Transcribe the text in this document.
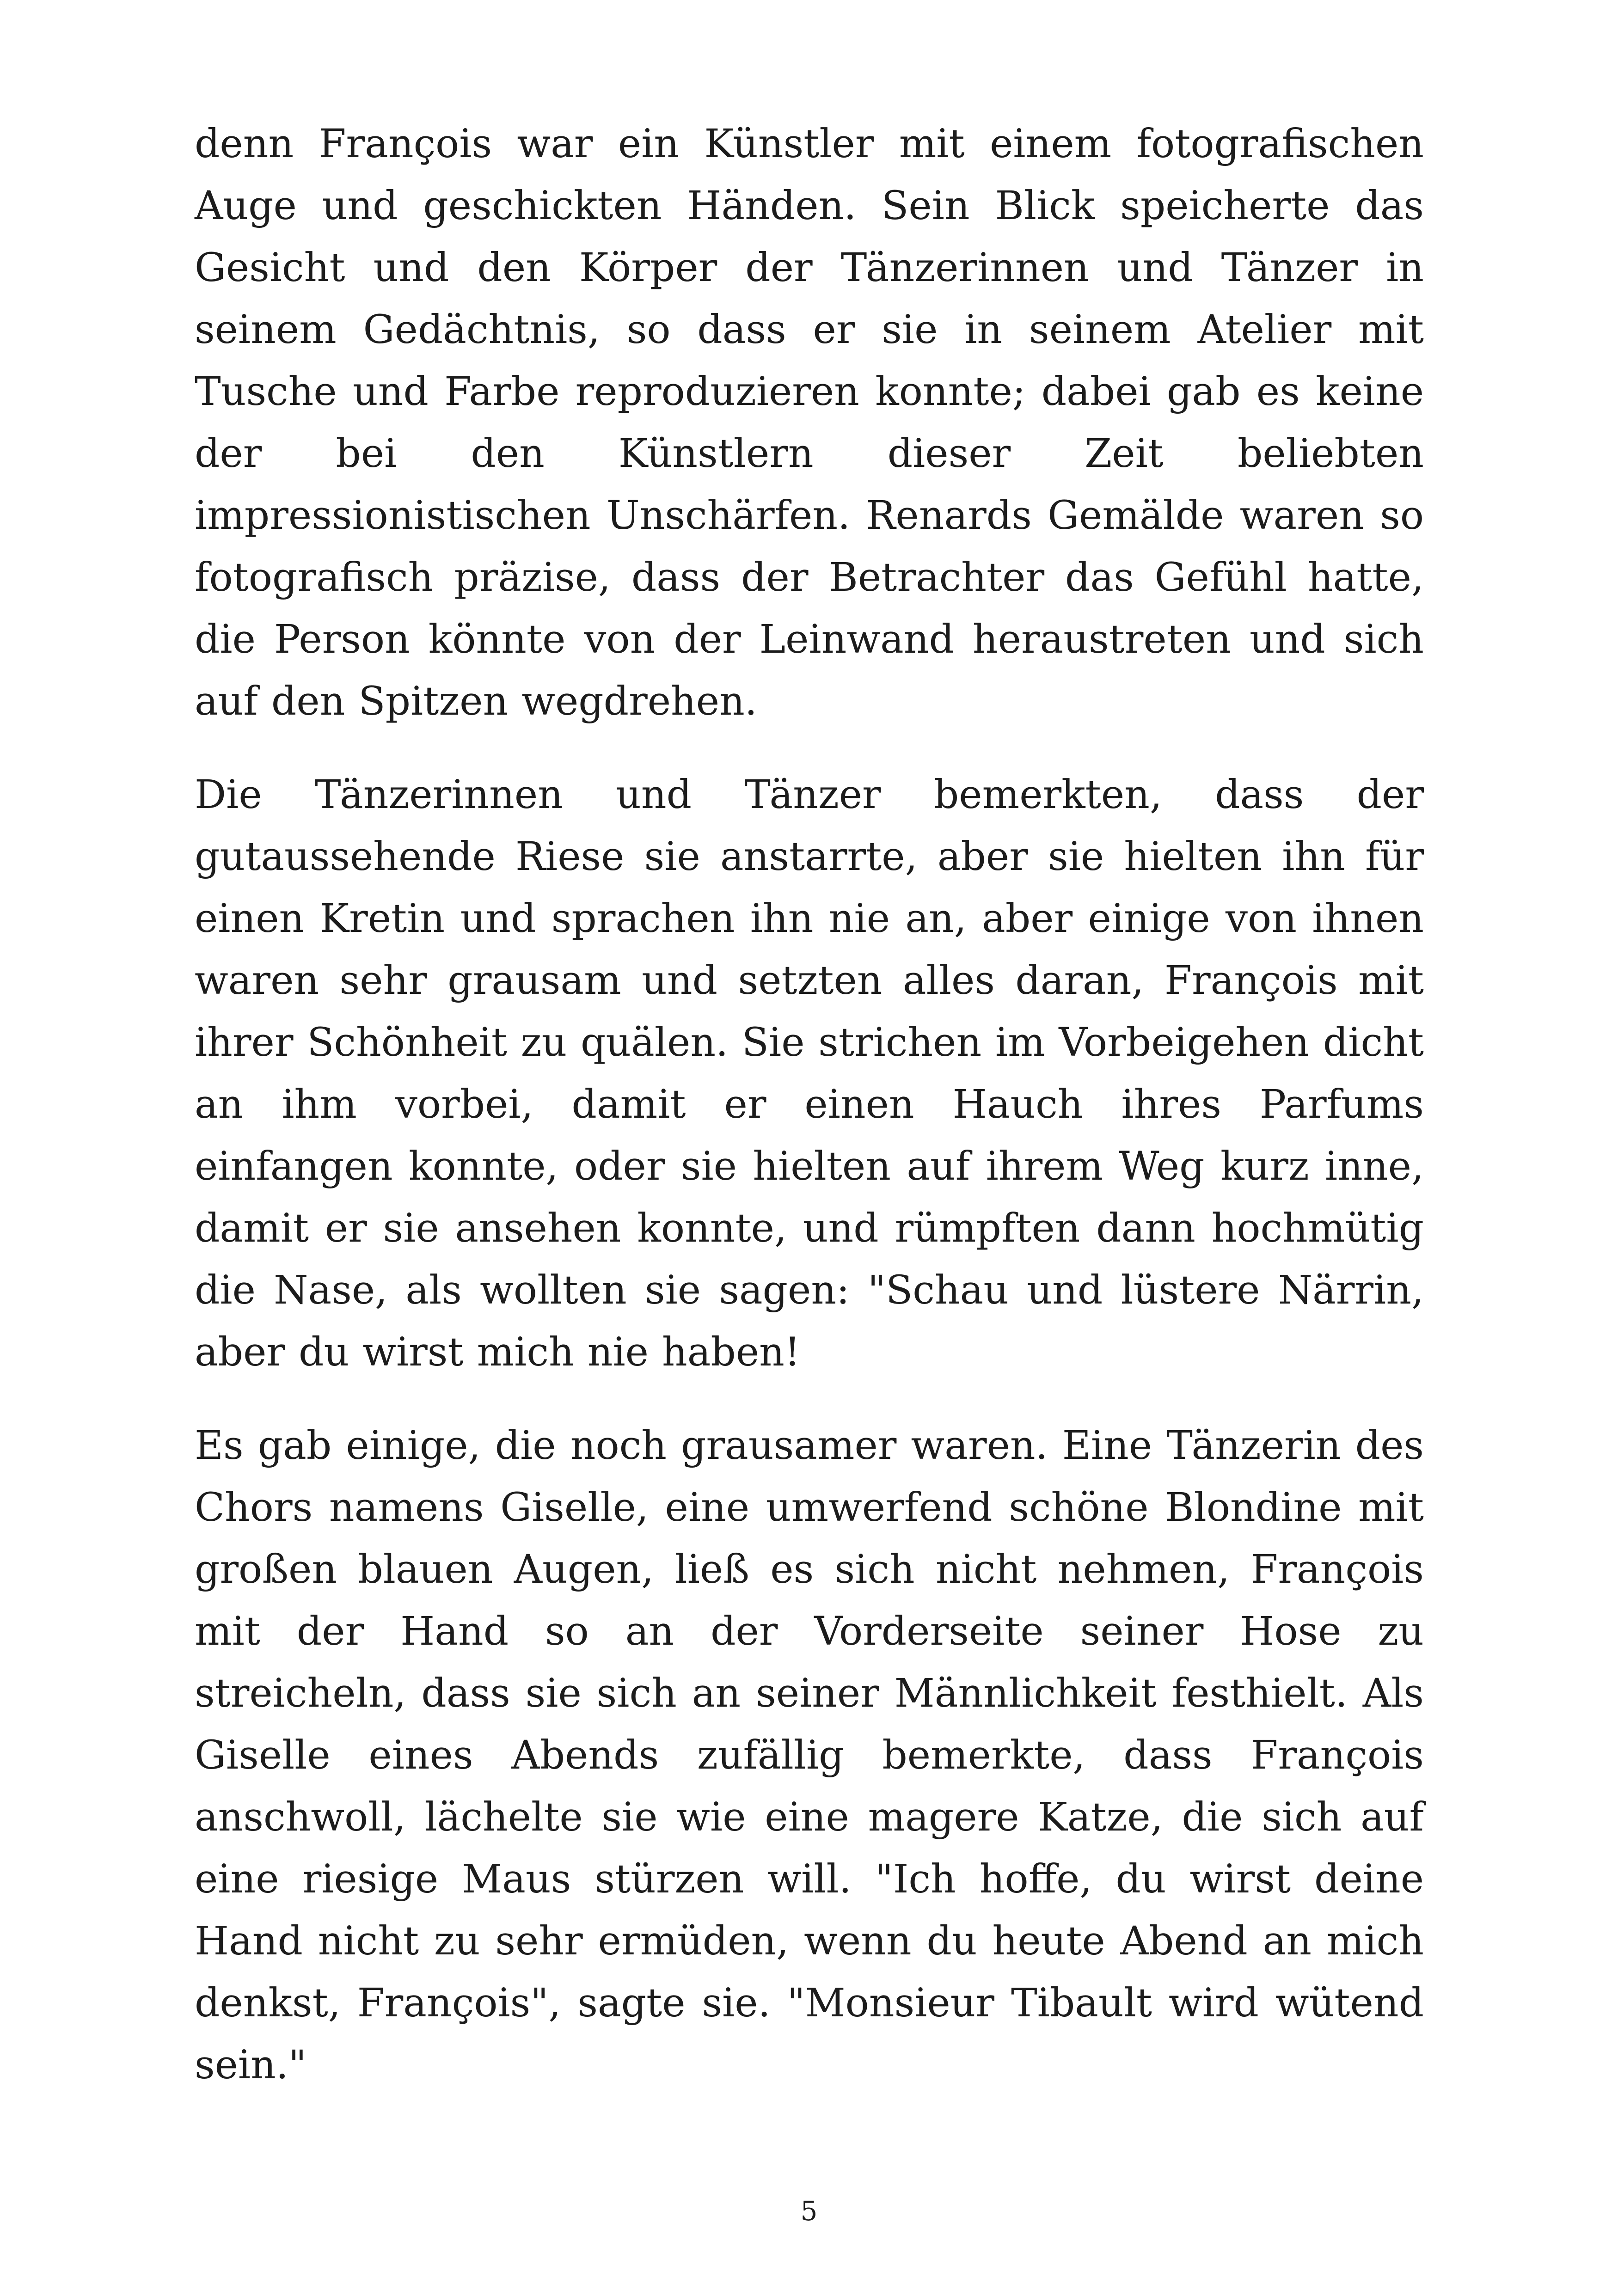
denn François war ein Künstler mit einem fotografischen Auge und geschickten Händen. Sein Blick speicherte das Gesicht und den Körper der Tänzerinnen und Tänzer in seinem Gedächtnis, so dass er sie in seinem Atelier mit Tusche und Farbe reproduzieren konnte; dabei gab es keine der bei den Künstlern dieser Zeit beliebten impressionistischen Unschärfen. Renards Gemälde waren so fotografisch präzise, dass der Betrachter das Gefühl hatte, die Person könnte von der Leinwand heraustreten und sich auf den Spitzen wegdrehen.

Die Tänzerinnen und Tänzer bemerkten, dass der gutaussehende Riese sie anstarrte, aber sie hielten ihn für einen Kretin und sprachen ihn nie an, aber einige von ihnen waren sehr grausam und setzten alles daran, François mit ihrer Schönheit zu quälen. Sie strichen im Vorbeigehen dicht an ihm vorbei, damit er einen Hauch ihres Parfums einfangen konnte, oder sie hielten auf ihrem Weg kurz inne, damit er sie ansehen konnte, und rümpften dann hochmütig die Nase, als wollten sie sagen: "Schau und lüstere Närrin, aber du wirst mich nie haben!

Es gab einige, die noch grausamer waren. Eine Tänzerin des Chors namens Giselle, eine umwerfend schöne Blondine mit großen blauen Augen, ließ es sich nicht nehmen, François mit der Hand so an der Vorderseite seiner Hose zu streicheln, dass sie sich an seiner Männlichkeit festhielt. Als Giselle eines Abends zufällig bemerkte, dass François anschwoll, lächelte sie wie eine magere Katze, die sich auf eine riesige Maus stürzen will. "Ich hoffe, du wirst deine Hand nicht zu sehr ermüden, wenn du heute Abend an mich denkst, François", sagte sie. "Monsieur Tibault wird wütend sein."

5
